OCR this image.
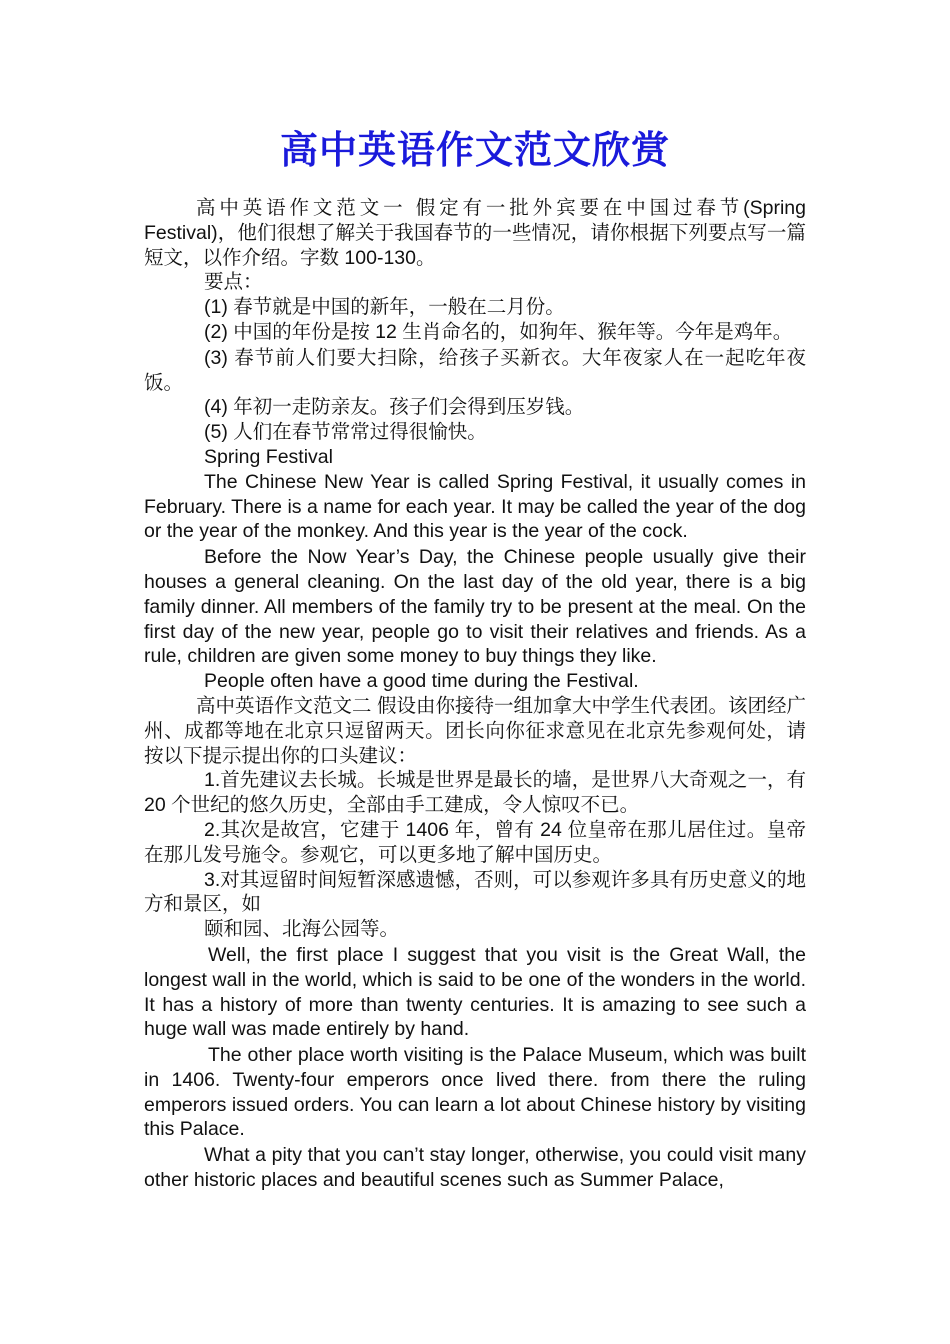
高中英语作文范文欣赏

高中英语作文范文一 假定有一批外宾要在中国过春节(Spring Festival)，他们很想了解关于我国春节的一些情况，请你根据下列要点写一篇短文，以作介绍。字数 100-130。

要点：

(1) 春节就是中国的新年，一般在二月份。

(2) 中国的年份是按 12 生肖命名的，如狗年、猴年等。今年是鸡年。

(3) 春节前人们要大扫除，给孩子买新衣。大年夜家人在一起吃年夜饭。

(4) 年初一走防亲友。孩子们会得到压岁钱。

(5) 人们在春节常常过得很愉快。

Spring Festival

The Chinese New Year is called Spring Festival, it usually comes in February. There is a name for each year. It may be called the year of the dog or the year of the monkey. And this year is the year of the cock.

Before the Now Year’s Day, the Chinese people usually give their houses a general cleaning. On the last day of the old year, there is a big family dinner. All members of the family try to be present at the meal. On the first day of the new year, people go to visit their relatives and friends. As a rule, children are given some money to buy things they like.

People often have a good time during the Festival.

高中英语作文范文二 假设由你接待一组加拿大中学生代表团。该团经广州、成都等地在北京只逗留两天。团长向你征求意见在北京先参观何处，请按以下提示提出你的口头建议：

1.首先建议去长城。长城是世界是最长的墙，是世界八大奇观之一，有 20 个世纪的悠久历史，全部由手工建成，令人惊叹不已。

2.其次是故宫，它建于 1406 年，曾有 24 位皇帝在那儿居住过。皇帝在那儿发号施令。参观它，可以更多地了解中国历史。

3.对其逗留时间短暂深感遗憾，否则，可以参观许多具有历史意义的地方和景区，如

颐和园、北海公园等。

Well, the first place I suggest that you visit is the Great Wall, the longest wall in the world, which is said to be one of the wonders in the world. It has a history of more than twenty centuries. It is amazing to see such a huge wall was made entirely by hand.

The other place worth visiting is the Palace Museum, which was built in 1406. Twenty-four emperors once lived there. from there the ruling emperors issued orders. You can learn a lot about Chinese history by visiting this Palace.

What a pity that you can’t stay longer, otherwise, you could visit many other historic places and beautiful scenes such as Summer Palace,
